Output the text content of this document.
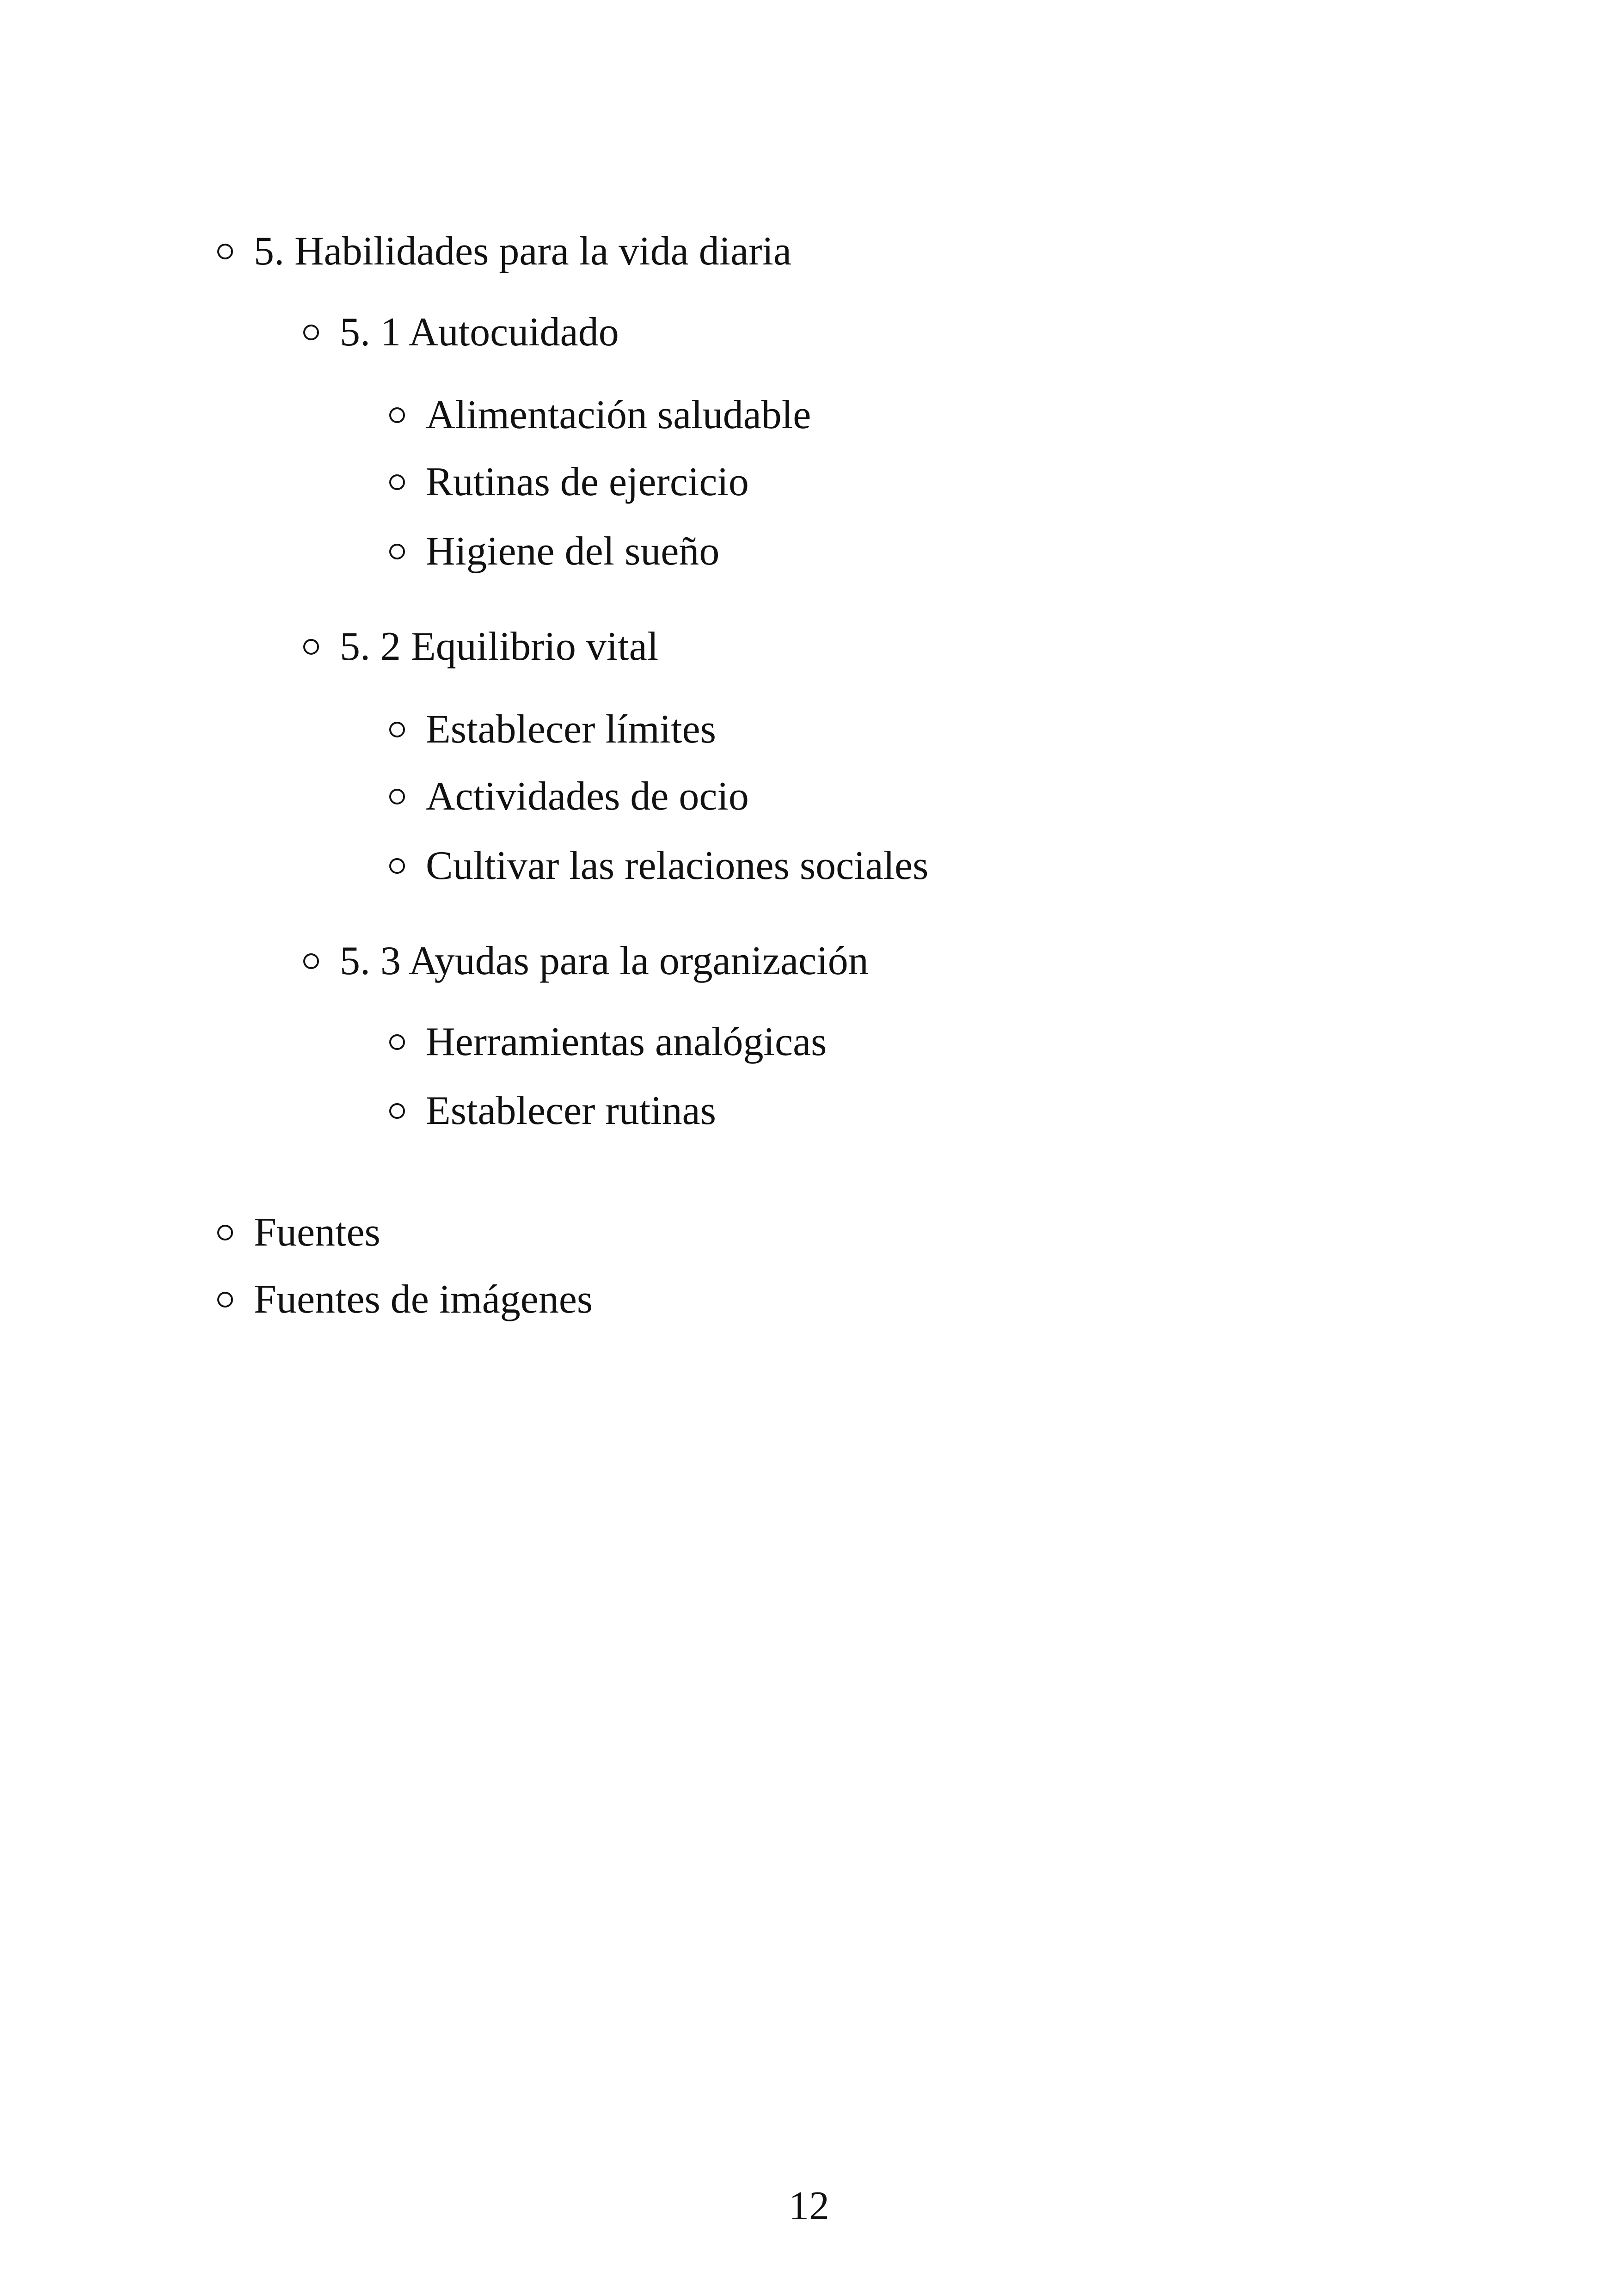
5. Habilidades para la vida diaria
5. 1 Autocuidado
Alimentación saludable
Rutinas de ejercicio
Higiene del sueño
5. 2 Equilibrio vital
Establecer límites
Actividades de ocio
Cultivar las relaciones sociales
5. 3 Ayudas para la organización
Herramientas analógicas
Establecer rutinas
Fuentes
Fuentes de imágenes
12
